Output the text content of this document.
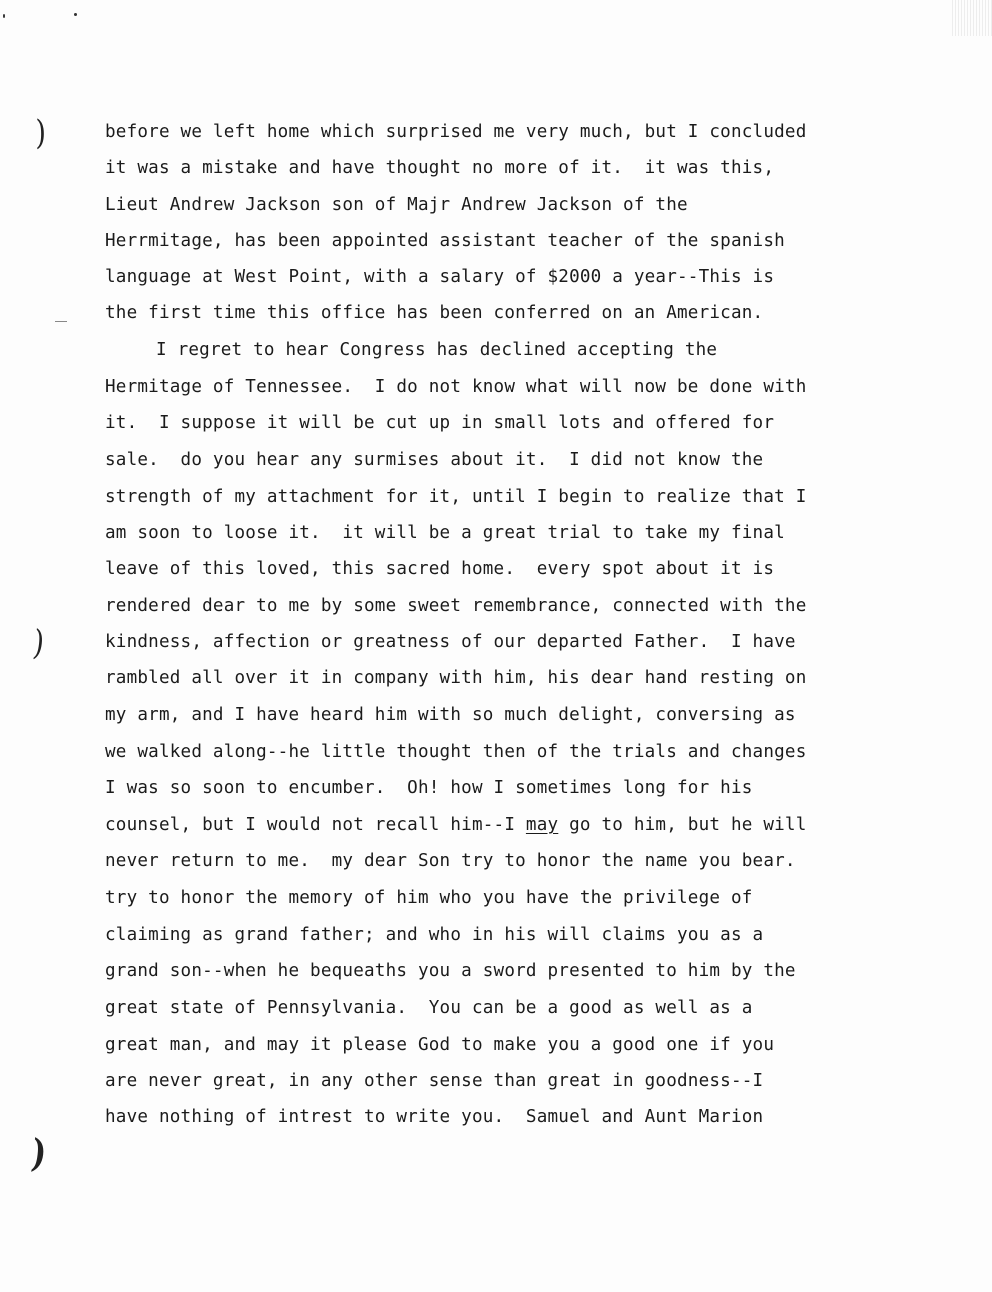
)
)
)
before we left home which surprised me very much, but I concluded
it was a mistake and have thought no more of it.  it was this,
Lieut Andrew Jackson son of Majr Andrew Jackson of the
Herrmitage, has been appointed assistant teacher of the spanish
language at West Point, with a salary of $2000 a year--This is
the first time this office has been conferred on an American.
I regret to hear Congress has declined accepting the
Hermitage of Tennessee.  I do not know what will now be done with
it.  I suppose it will be cut up in small lots and offered for
sale.  do you hear any surmises about it.  I did not know the
strength of my attachment for it, until I begin to realize that I
am soon to loose it.  it will be a great trial to take my final
leave of this loved, this sacred home.  every spot about it is
rendered dear to me by some sweet remembrance, connected with the
kindness, affection or greatness of our departed Father.  I have
rambled all over it in company with him, his dear hand resting on
my arm, and I have heard him with so much delight, conversing as
we walked along--he little thought then of the trials and changes
I was so soon to encumber.  Oh! how I sometimes long for his
counsel, but I would not recall him--I may go to him, but he will
never return to me.  my dear Son try to honor the name you bear.
try to honor the memory of him who you have the privilege of
claiming as grand father; and who in his will claims you as a
grand son--when he bequeaths you a sword presented to him by the
great state of Pennsylvania.  You can be a good as well as a
great man, and may it please God to make you a good one if you
are never great, in any other sense than great in goodness--I
have nothing of intrest to write you.  Samuel and Aunt Marion
